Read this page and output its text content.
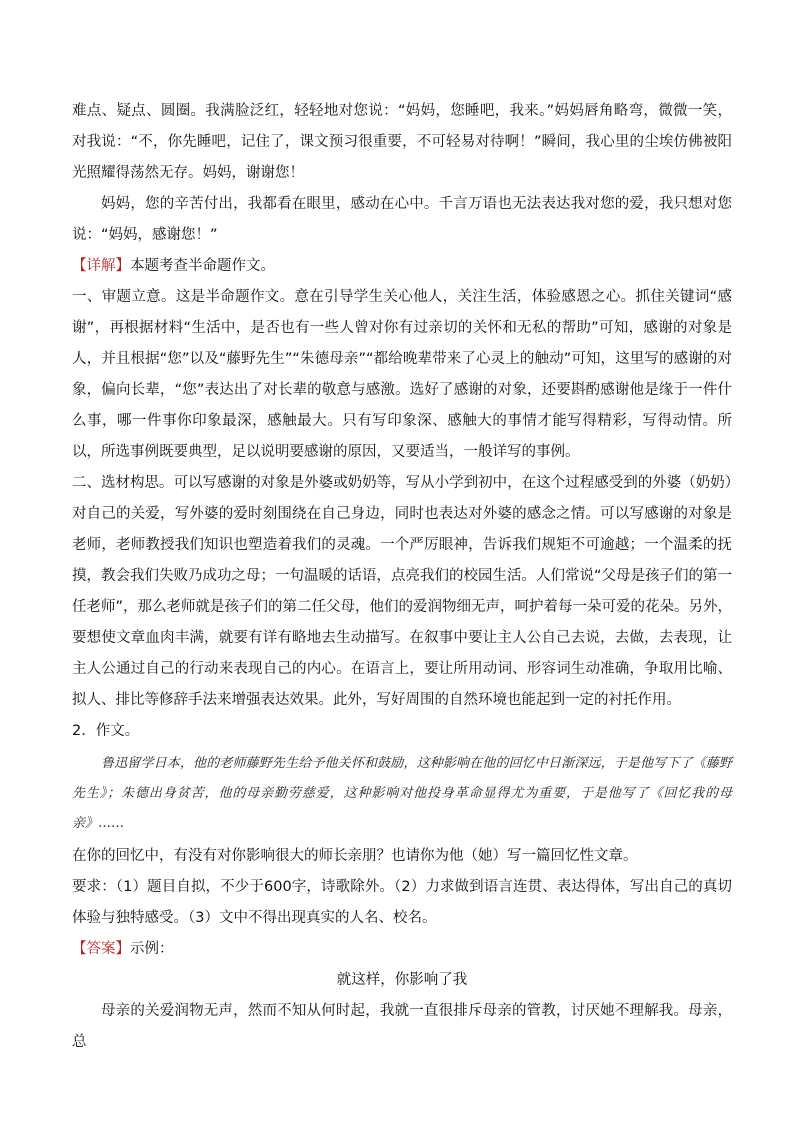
难点、疑点、圆圈。我满脸泛红，轻轻地对您说：“妈妈，您睡吧，我来。”妈妈唇角略弯，微微一笑，对我说：“不，你先睡吧，记住了，课文预习很重要，不可轻易对待啊！”瞬间，我心里的尘埃仿佛被阳光照耀得荡然无存。妈妈，谢谢您！

妈妈，您的辛苦付出，我都看在眼里，感动在心中。千言万语也无法表达我对您的爱，我只想对您说：“妈妈，感谢您！”

【详解】本题考查半命题作文。

一、审题立意。这是半命题作文。意在引导学生关心他人，关注生活，体验感恩之心。抓住关键词“感谢”，再根据材料“生活中，是否也有一些人曾对你有过亲切的关怀和无私的帮助”可知，感谢的对象是人，并且根据“您”以及“藤野先生”“朱德母亲”“都给晚辈带来了心灵上的触动”可知，这里写的感谢的对象，偏向长辈，“您”表达出了对长辈的敬意与感激。选好了感谢的对象，还要斟酌感谢他是缘于一件什么事，哪一件事你印象最深，感触最大。只有写印象深、感触大的事情才能写得精彩，写得动情。所以，所选事例既要典型，足以说明要感谢的原因，又要适当，一般详写的事例。

二、选材构思。可以写感谢的对象是外婆或奶奶等，写从小学到初中，在这个过程感受到的外婆（奶奶）对自己的关爱，写外婆的爱时刻围绕在自己身边，同时也表达对外婆的感念之情。可以写感谢的对象是老师，老师教授我们知识也塑造着我们的灵魂。一个严厉眼神，告诉我们规矩不可逾越；一个温柔的抚摸，教会我们失败乃成功之母；一句温暖的话语，点亮我们的校园生活。人们常说“父母是孩子们的第一任老师”，那么老师就是孩子们的第二任父母，他们的爱润物细无声，呵护着每一朵可爱的花朵。另外，要想使文章血肉丰满，就要有详有略地去生动描写。在叙事中要让主人公自己去说，去做，去表现，让主人公通过自己的行动来表现自己的内心。在语言上，要让所用动词、形容词生动准确，争取用比喻、拟人、排比等修辞手法来增强表达效果。此外，写好周围的自然环境也能起到一定的衬托作用。

2．作文。

鲁迅留学日本，他的老师藤野先生给予他关怀和鼓励，这种影响在他的回忆中日渐深远，于是他写下了《藤野先生》；朱德出身贫苦，他的母亲勤劳慈爱，这种影响对他投身革命显得尤为重要，于是他写了《回忆我的母亲》……

在你的回忆中，有没有对你影响很大的师长亲朋？也请你为他（她）写一篇回忆性文章。

要求：（1）题目自拟，不少于600字，诗歌除外。（2）力求做到语言连贯、表达得体，写出自己的真切体验与独特感受。（3）文中不得出现真实的人名、校名。

【答案】示例：

就这样，你影响了我

母亲的关爱润物无声，然而不知从何时起，我就一直很排斥母亲的管教，讨厌她不理解我。母亲，总
